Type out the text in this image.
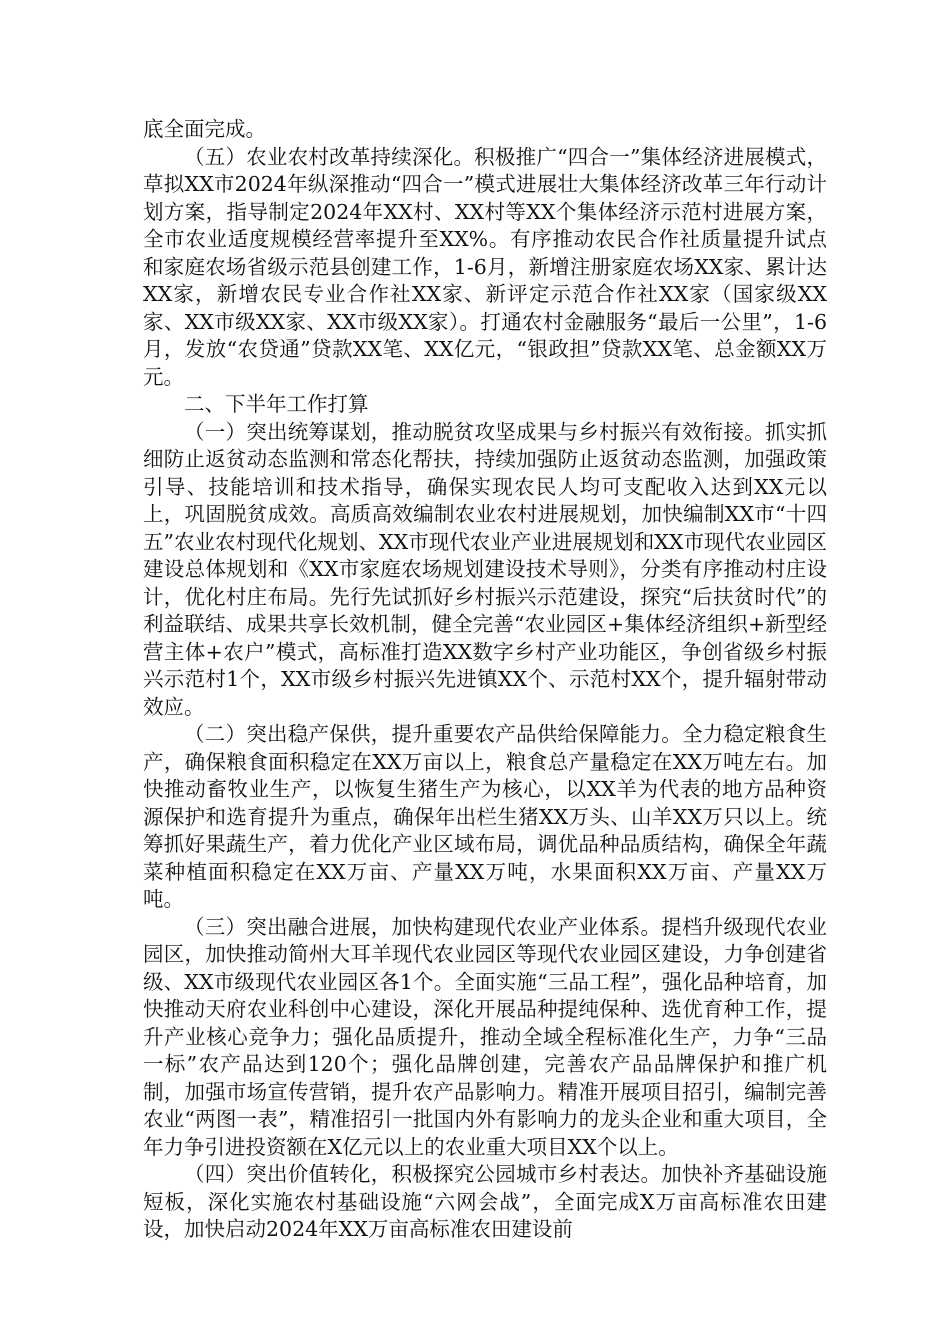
底全面完成。

（五）农业农村改革持续深化。积极推广“四合一”集体经济进展模式，草拟XX市2024年纵深推动“四合一”模式进展壮大集体经济改革三年行动计划方案，指导制定2024年XX村、XX村等XX个集体经济示范村进展方案，全市农业适度规模经营率提升至XX%。有序推动农民合作社质量提升试点和家庭农场省级示范县创建工作，1-6月，新增注册家庭农场XX家、累计达XX家，新增农民专业合作社XX家、新评定示范合作社XX家（国家级XX家、XX市级XX家、XX市级XX家）。打通农村金融服务“最后一公里”，1-6月，发放“农贷通”贷款XX笔、XX亿元，“银政担”贷款XX笔、总金额XX万元。

二、下半年工作打算

（一）突出统筹谋划，推动脱贫攻坚成果与乡村振兴有效衔接。抓实抓细防止返贫动态监测和常态化帮扶，持续加强防止返贫动态监测，加强政策引导、技能培训和技术指导，确保实现农民人均可支配收入达到XX元以上，巩固脱贫成效。高质高效编制农业农村进展规划，加快编制XX市“十四五”农业农村现代化规划、XX市现代农业产业进展规划和XX市现代农业园区建设总体规划和《XX市家庭农场规划建设技术导则》，分类有序推动村庄设计，优化村庄布局。先行先试抓好乡村振兴示范建设，探究“后扶贫时代”的利益联结、成果共享长效机制，健全完善“农业园区+集体经济组织+新型经营主体+农户”模式，高标准打造XX数字乡村产业功能区，争创省级乡村振兴示范村1个，XX市级乡村振兴先进镇XX个、示范村XX个，提升辐射带动效应。

（二）突出稳产保供，提升重要农产品供给保障能力。全力稳定粮食生产，确保粮食面积稳定在XX万亩以上，粮食总产量稳定在XX万吨左右。加快推动畜牧业生产，以恢复生猪生产为核心，以XX羊为代表的地方品种资源保护和选育提升为重点，确保年出栏生猪XX万头、山羊XX万只以上。统筹抓好果蔬生产，着力优化产业区域布局，调优品种品质结构，确保全年蔬菜种植面积稳定在XX万亩、产量XX万吨，水果面积XX万亩、产量XX万吨。

（三）突出融合进展，加快构建现代农业产业体系。提档升级现代农业园区，加快推动简州大耳羊现代农业园区等现代农业园区建设，力争创建省级、XX市级现代农业园区各1个。全面实施“三品工程”，强化品种培育，加快推动天府农业科创中心建设，深化开展品种提纯保种、选优育种工作，提升产业核心竞争力；强化品质提升，推动全域全程标准化生产，力争“三品一标”农产品达到120个；强化品牌创建，完善农产品品牌保护和推广机制，加强市场宣传营销，提升农产品影响力。精准开展项目招引，编制完善农业“两图一表”，精准招引一批国内外有影响力的龙头企业和重大项目，全年力争引进投资额在X亿元以上的农业重大项目XX个以上。

（四）突出价值转化，积极探究公园城市乡村表达。加快补齐基础设施短板，深化实施农村基础设施“六网会战”，全面完成X万亩高标准农田建设，加快启动2024年XX万亩高标准农田建设前
